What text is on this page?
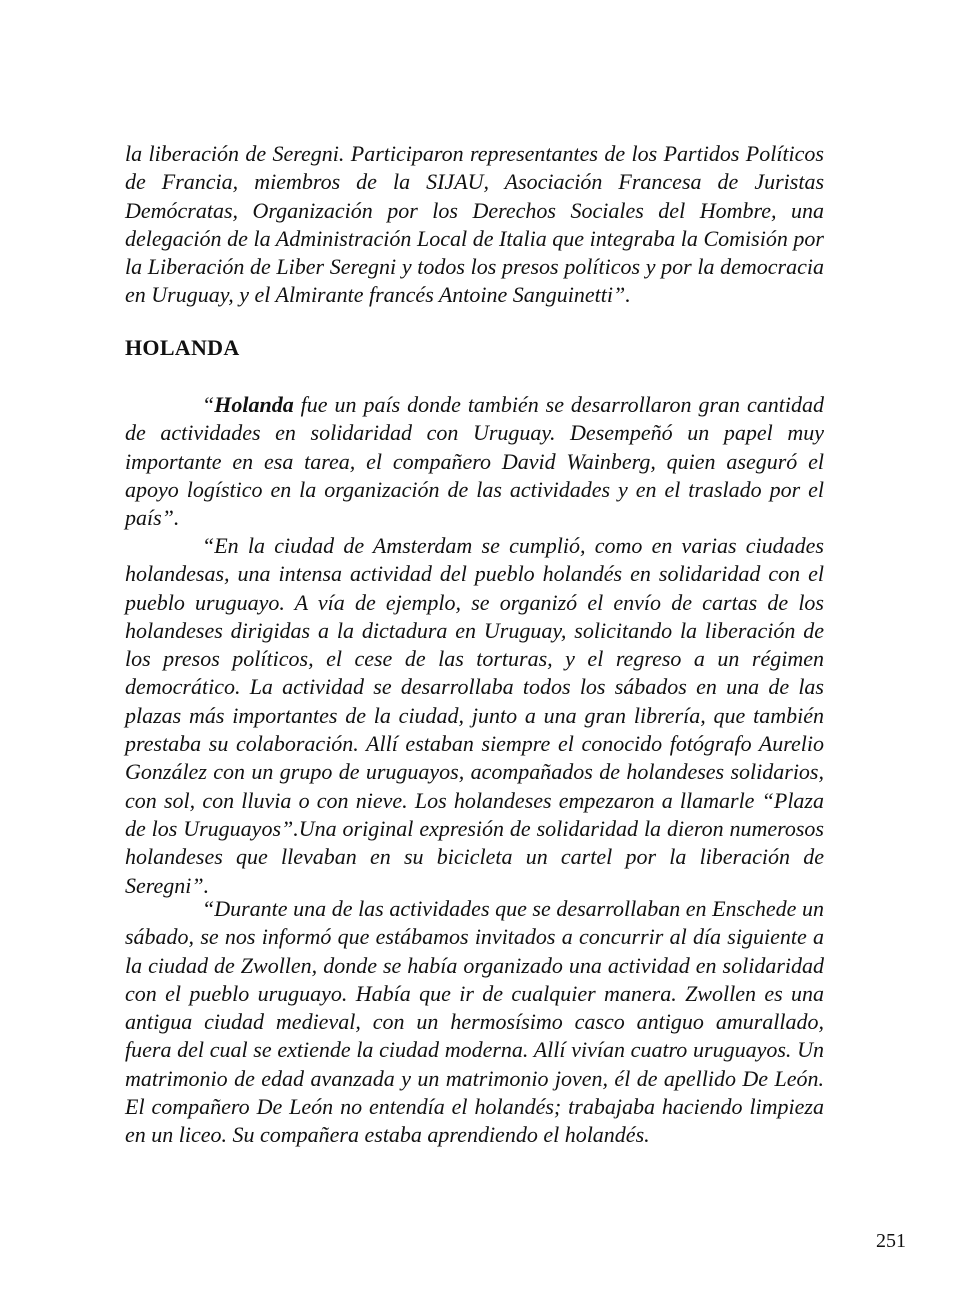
la liberación de Seregni. Participaron representantes de los Partidos Políticos de Francia, miembros de la SIJAU, Asociación Francesa de Juristas Demócratas, Organización por los Derechos Sociales del Hombre, una delegación de la Administración Local de Italia que integraba la Comisión por la Liberación de Liber Seregni y todos los presos políticos y por la democracia en Uruguay, y el Almirante francés Antoine Sanguinetti”.

HOLANDA

“Holanda fue un país donde también se desarrollaron gran cantidad de actividades en solidaridad con Uruguay. Desempeñó un papel muy importante en esa tarea, el compañero David Wainberg, quien aseguró el apoyo logístico en la organización de las actividades y en el traslado por el país”.

“En la ciudad de Amsterdam se cumplió, como en varias ciudades holandesas, una intensa actividad del pueblo holandés en solidaridad con el pueblo uruguayo. A vía de ejemplo, se organizó el envío de cartas de los holandeses dirigidas a la dictadura en Uruguay, solicitando la liberación de los presos políticos, el cese de las torturas, y el regreso a un régimen democrático. La actividad se desarrollaba todos los sábados en una de las plazas más importantes de la ciudad, junto a una gran librería, que también prestaba su colaboración. Allí estaban siempre el conocido fotógrafo Aurelio González con un grupo de uruguayos, acompañados de holandeses solidarios, con sol, con lluvia o con nieve. Los holandeses empezaron a llamarle “Plaza de los Uruguayos”.Una original expresión de solidaridad la dieron numerosos holandeses que llevaban en su bicicleta un cartel por la liberación de Seregni”.

“Durante una de las actividades que se desarrollaban en Enschede un sábado, se nos informó que estábamos invitados a concurrir al día siguiente a la ciudad de Zwollen, donde se había organizado una actividad en solidaridad con el pueblo uruguayo. Había que ir de cualquier manera. Zwollen es una antigua ciudad medieval, con un hermosísimo casco antiguo amurallado, fuera del cual se extiende la ciudad moderna. Allí vivían cuatro uruguayos. Un matrimonio de edad avanzada y un matrimonio joven, él de apellido De León. El compañero De León no entendía el holandés; trabajaba haciendo limpieza en un liceo. Su compañera estaba aprendiendo el holandés.

251
